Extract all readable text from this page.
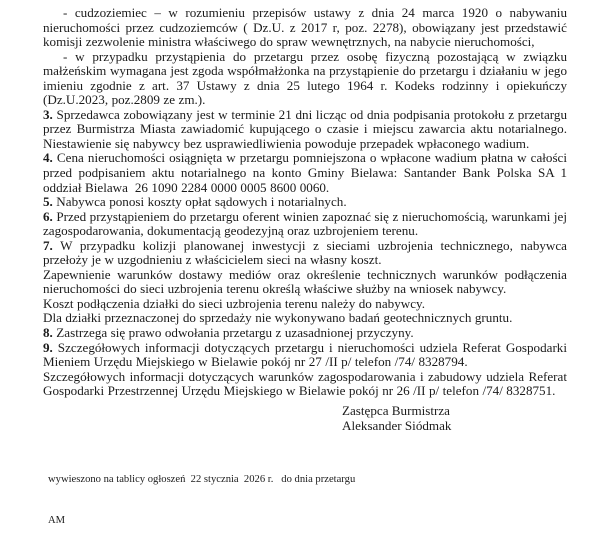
- cudzoziemiec – w rozumieniu przepisów ustawy z dnia 24 marca 1920 o nabywaniu nieruchomości przez cudzoziemców ( Dz.U. z 2017 r, poz. 2278), obowiązany jest przedstawić komisji zezwolenie ministra właściwego do spraw wewnętrznych, na nabycie nieruchomości,

- w przypadku przystąpienia do przetargu przez osobę fizyczną pozostającą w związku małżeńskim wymagana jest zgoda współmałżonka na przystąpienie do przetargu i działaniu w jego imieniu zgodnie z art. 37 Ustawy z dnia 25 lutego 1964 r. Kodeks rodzinny i opiekuńczy (Dz.U.2023, poz.2809 ze zm.).

3. Sprzedawca zobowiązany jest w terminie 21 dni licząc od dnia podpisania protokołu z przetargu przez Burmistrza Miasta zawiadomić kupującego o czasie i miejscu zawarcia aktu notarialnego. Niestawienie się nabywcy bez usprawiedliwienia powoduje przepadek wpłaconego wadium.

4. Cena nieruchomości osiągnięta w przetargu pomniejszona o wpłacone wadium płatna w całości przed podpisaniem aktu notarialnego na konto Gminy Bielawa: Santander Bank Polska SA 1 oddział Bielawa  26 1090 2284 0000 0005 8600 0060.

5. Nabywca ponosi koszty opłat sądowych i notarialnych.

6. Przed przystąpieniem do przetargu oferent winien zapoznać się z nieruchomością, warunkami jej zagospodarowania, dokumentacją geodezyjną oraz uzbrojeniem terenu.

7. W przypadku kolizji planowanej inwestycji z sieciami uzbrojenia technicznego, nabywca przełoży je w uzgodnieniu z właścicielem sieci na własny koszt.

Zapewnienie warunków dostawy mediów oraz określenie technicznych warunków podłączenia nieruchomości do sieci uzbrojenia terenu określą właściwe służby na wniosek nabywcy.

Koszt podłączenia działki do sieci uzbrojenia terenu należy do nabywcy.

Dla działki przeznaczonej do sprzedaży nie wykonywano badań geotechnicznych gruntu.

8. Zastrzega się prawo odwołania przetargu z uzasadnionej przyczyny.

9. Szczegółowych informacji dotyczących przetargu i nieruchomości udziela Referat Gospodarki Mieniem Urzędu Miejskiego w Bielawie pokój nr 27 /II p/ telefon /74/ 8328794.

Szczegółowych informacji dotyczących warunków zagospodarowania i zabudowy udziela Referat Gospodarki Przestrzennej Urzędu Miejskiego w Bielawie pokój nr 26 /II p/ telefon /74/ 8328751.

Zastępca Burmistrza
Aleksander Siódmak

wywieszono na tablicy ogłoszeń  22 stycznia  2026 r.   do dnia przetargu

AM
